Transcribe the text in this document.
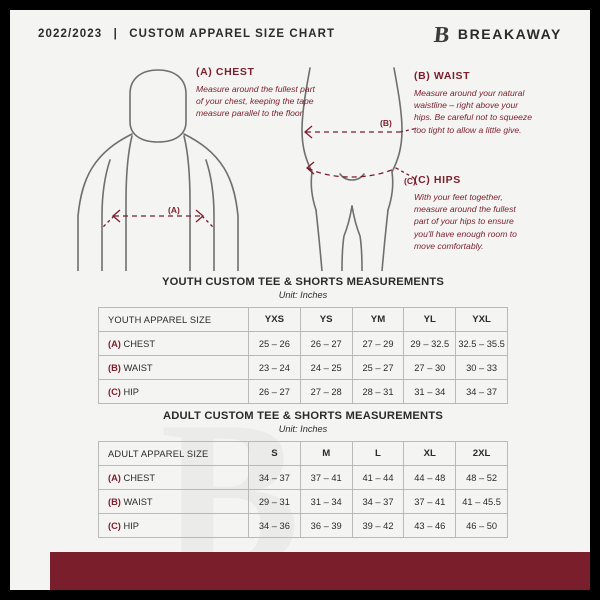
2022/2023 | CUSTOM APPAREL SIZE CHART	B BREAKAWAY
(A)
(B)
(C)
(A) CHEST
Measure around the fullest part of your chest, keeping the tape measure parallel to the floor
(B) WAIST
Measure around your natural waistline – right above your hips. Be careful not to squeeze too tight to allow a little give.
(C) HIPS
With your feet together, measure around the fullest part of your hips to ensure you'll have enough room to move comfortably.
YOUTH CUSTOM TEE & SHORTS MEASUREMENTS
Unit: Inches
YOUTH APPAREL SIZE	YXS	YS	YM	YL	YXL
(A) CHEST	25 – 26	26 – 27	27 – 29	29 – 32.5	32.5 – 35.5
(B) WAIST	23 – 24	24 – 25	25 – 27	27 – 30	30 – 33
(C) HIP	26 – 27	27 – 28	28 – 31	31 – 34	34 – 37
ADULT CUSTOM TEE & SHORTS MEASUREMENTS
Unit: Inches
ADULT APPAREL SIZE	S	M	L	XL	2XL
(A) CHEST	34 – 37	37 – 41	41 – 44	44 – 48	48 – 52
(B) WAIST	29 – 31	31 – 34	34 – 37	37 – 41	41 – 45.5
(C) HIP	34 – 36	36 – 39	39 – 42	43 – 46	46 – 50
